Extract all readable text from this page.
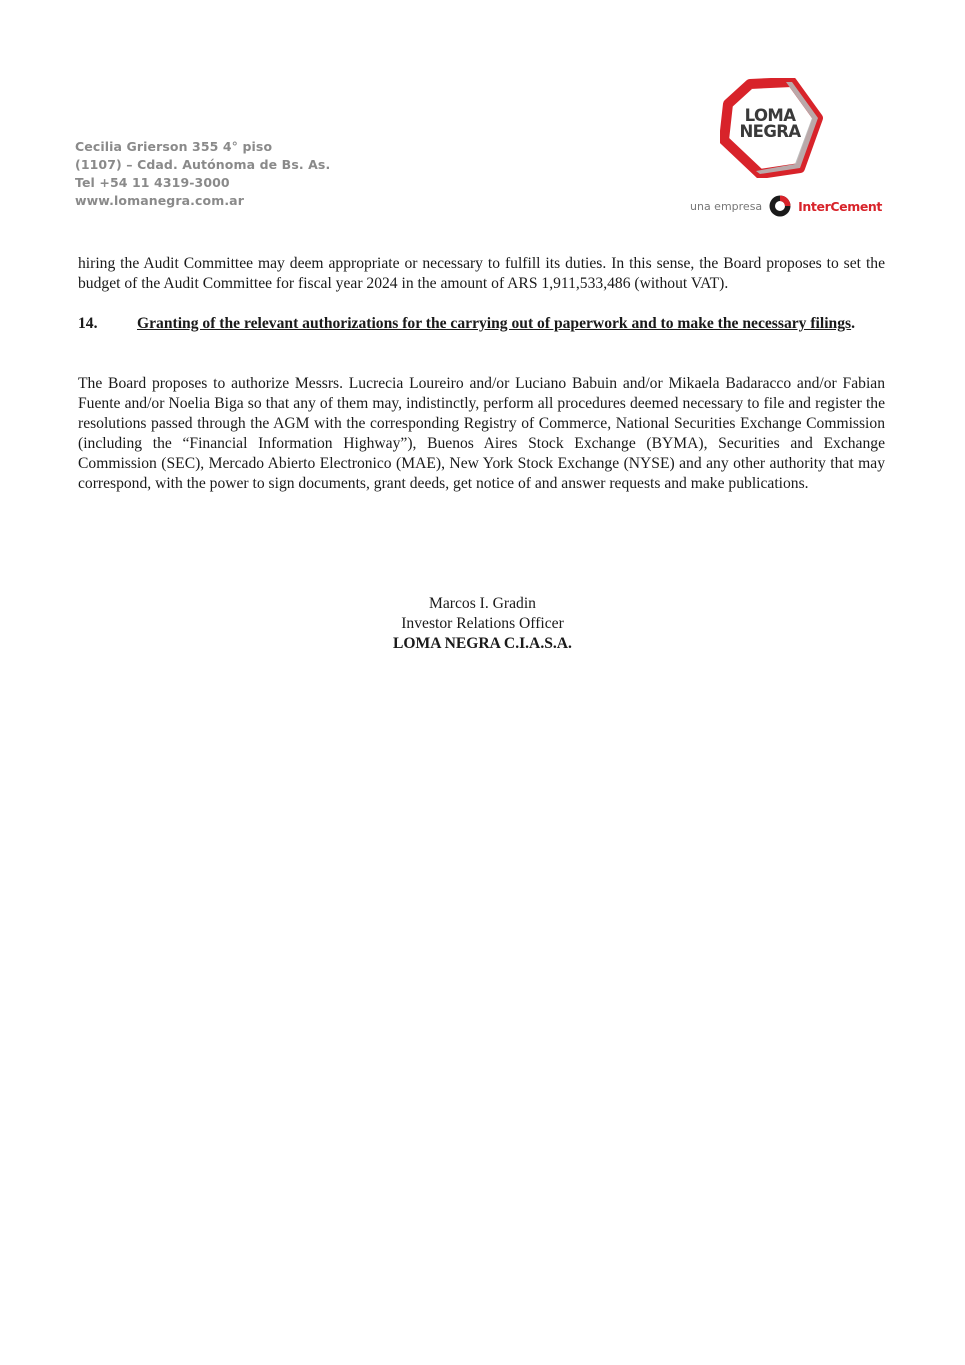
Cecilia Grierson 355 4° piso
(1107) – Cdad. Autónoma de Bs. As.
Tel +54 11 4319-3000
www.lomanegra.com.ar
LOMA
NEGRA
una empresa	InterCement
hiring the Audit Committee may deem appropriate or necessary to fulfill its duties. In this sense, the Board proposes to set the budget of the Audit Committee for fiscal year 2024 in the amount of ARS 1,911,533,486 (without VAT).
14.	Granting of the relevant authorizations for the carrying out of paperwork and to make the necessary filings.
The Board proposes to authorize Messrs. Lucrecia Loureiro and/or Luciano Babuin and/or Mikaela Badaracco and/or Fabian Fuente and/or Noelia Biga so that any of them may, indistinctly, perform all procedures deemed necessary to file and register the resolutions passed through the AGM with the corresponding Registry of Commerce, National Securities Exchange Commission (including the “Financial Information Highway”), Buenos Aires Stock Exchange (BYMA), Securities and Exchange Commission (SEC), Mercado Abierto Electronico (MAE), New York Stock Exchange (NYSE) and any other authority that may correspond, with the power to sign documents, grant deeds, get notice of and answer requests and make publications.
Marcos I. Gradin
Investor Relations Officer
LOMA NEGRA C.I.A.S.A.
